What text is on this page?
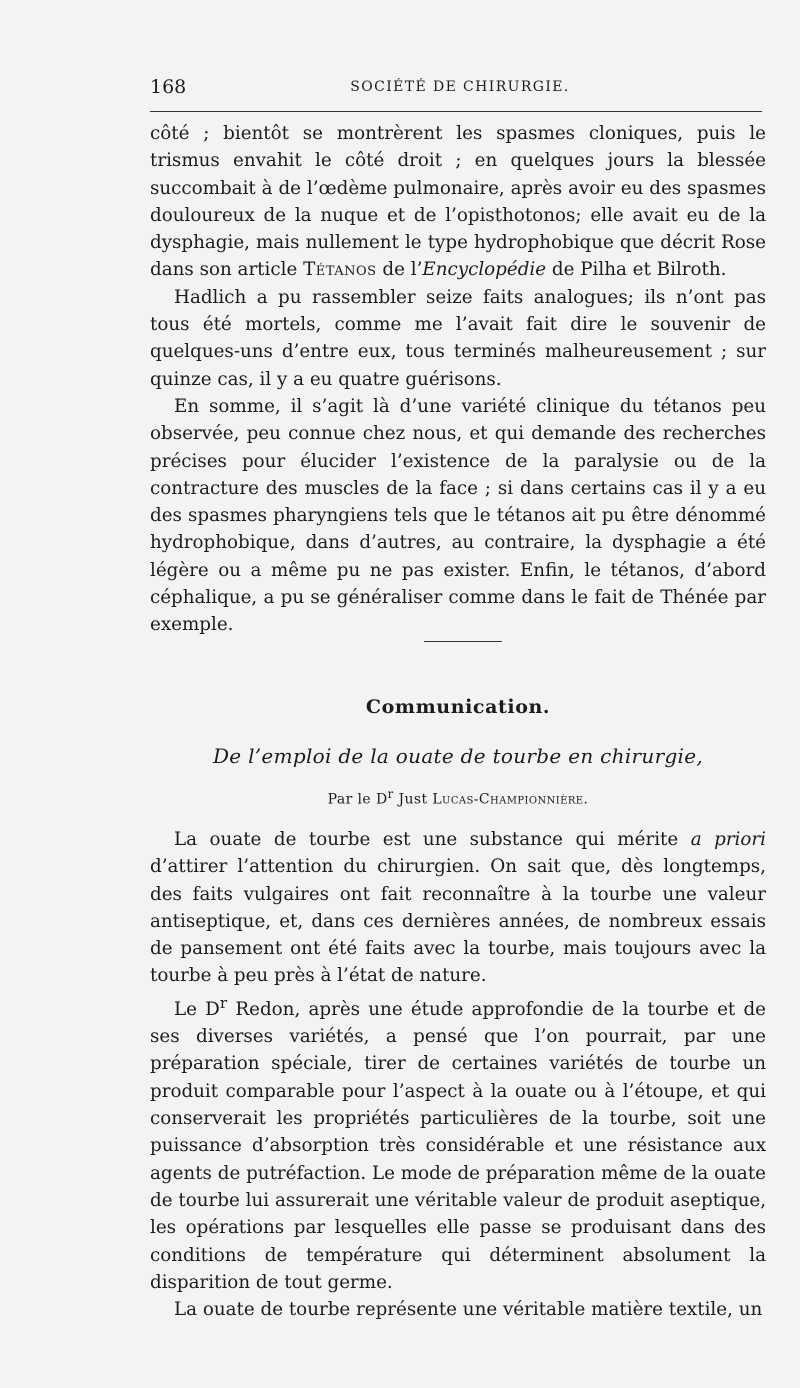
168	SOCIÉTÉ DE CHIRURGIE.

côté ; bientôt se montrèrent les spasmes cloniques, puis le trismus envahit le côté droit ; en quelques jours la blessée succombait à de l’œdème pulmonaire, après avoir eu des spasmes douloureux de la nuque et de l’opisthotonos; elle avait eu de la dysphagie, mais nullement le type hydrophobique que décrit Rose dans son article Tétanos de l’Encyclopédie de Pilha et Bilroth.

Hadlich a pu rassembler seize faits analogues; ils n’ont pas tous été mortels, comme me l’avait fait dire le souvenir de quelques-uns d’entre eux, tous terminés malheureusement ; sur quinze cas, il y a eu quatre guérisons.

En somme, il s’agit là d’une variété clinique du tétanos peu observée, peu connue chez nous, et qui demande des recherches précises pour élucider l’existence de la paralysie ou de la contracture des muscles de la face ; si dans certains cas il y a eu des spasmes pharyngiens tels que le tétanos ait pu être dénommé hydrophobique, dans d’autres, au contraire, la dysphagie a été légère ou a même pu ne pas exister. Enfin, le tétanos, d’abord céphalique, a pu se généraliser comme dans le fait de Thénée par exemple.

Communication.
De l’emploi de la ouate de tourbe en chirurgie,
Par le $D^r$ Just Lucas-Championnière.

La ouate de tourbe est une substance qui mérite a priori d’attirer l’attention du chirurgien. On sait que, dès longtemps, des faits vulgaires ont fait reconnaître à la tourbe une valeur antiseptique, et, dans ces dernières années, de nombreux essais de pansement ont été faits avec la tourbe, mais toujours avec la tourbe à peu près à l’état de nature.

Le $D^r$ Redon, après une étude approfondie de la tourbe et de ses diverses variétés, a pensé que l’on pourrait, par une préparation spéciale, tirer de certaines variétés de tourbe un produit comparable pour l’aspect à la ouate ou à l’étoupe, et qui conserverait les propriétés particulières de la tourbe, soit une puissance d’absorption très considérable et une résistance aux agents de putréfaction. Le mode de préparation même de la ouate de tourbe lui assurerait une véritable valeur de produit aseptique, les opérations par lesquelles elle passe se produisant dans des conditions de température qui déterminent absolument la disparition de tout germe.

La ouate de tourbe représente une véritable matière textile, un
